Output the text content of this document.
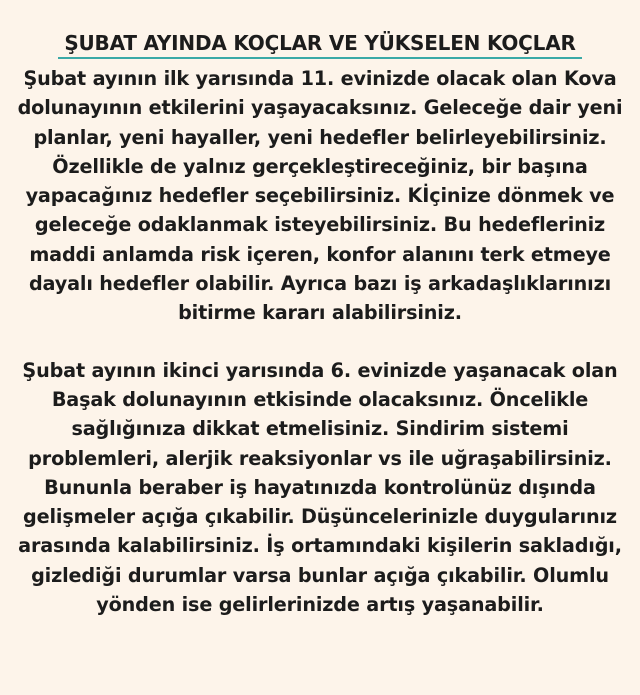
ŞUBAT AYINDA KOÇLAR VE YÜKSELEN KOÇLAR
Şubat ayının ilk yarısında 11. evinizde olacak olan Kova
dolunayının etkilerini yaşayacaksınız. Geleceğe dair yeni
planlar, yeni hayaller, yeni hedefler belirleyebilirsiniz.
Özellikle de yalnız gerçekleştireceğiniz, bir başına
yapacağınız hedefler seçebilirsiniz. Kİçinize dönmek ve
geleceğe odaklanmak isteyebilirsiniz. Bu hedefleriniz
maddi anlamda risk içeren, konfor alanını terk etmeye
dayalı hedefler olabilir. Ayrıca bazı iş arkadaşlıklarınızı
bitirme kararı alabilirsiniz.
Şubat ayının ikinci yarısında 6. evinizde yaşanacak olan
Başak dolunayının etkisinde olacaksınız. Öncelikle
sağlığınıza dikkat etmelisiniz. Sindirim sistemi
problemleri, alerjik reaksiyonlar vs ile uğraşabilirsiniz.
Bununla beraber iş hayatınızda kontrolünüz dışında
gelişmeler açığa çıkabilir. Düşüncelerinizle duygularınız
arasında kalabilirsiniz. İş ortamındaki kişilerin sakladığı,
gizlediği durumlar varsa bunlar açığa çıkabilir. Olumlu
yönden ise gelirlerinizde artış yaşanabilir.
